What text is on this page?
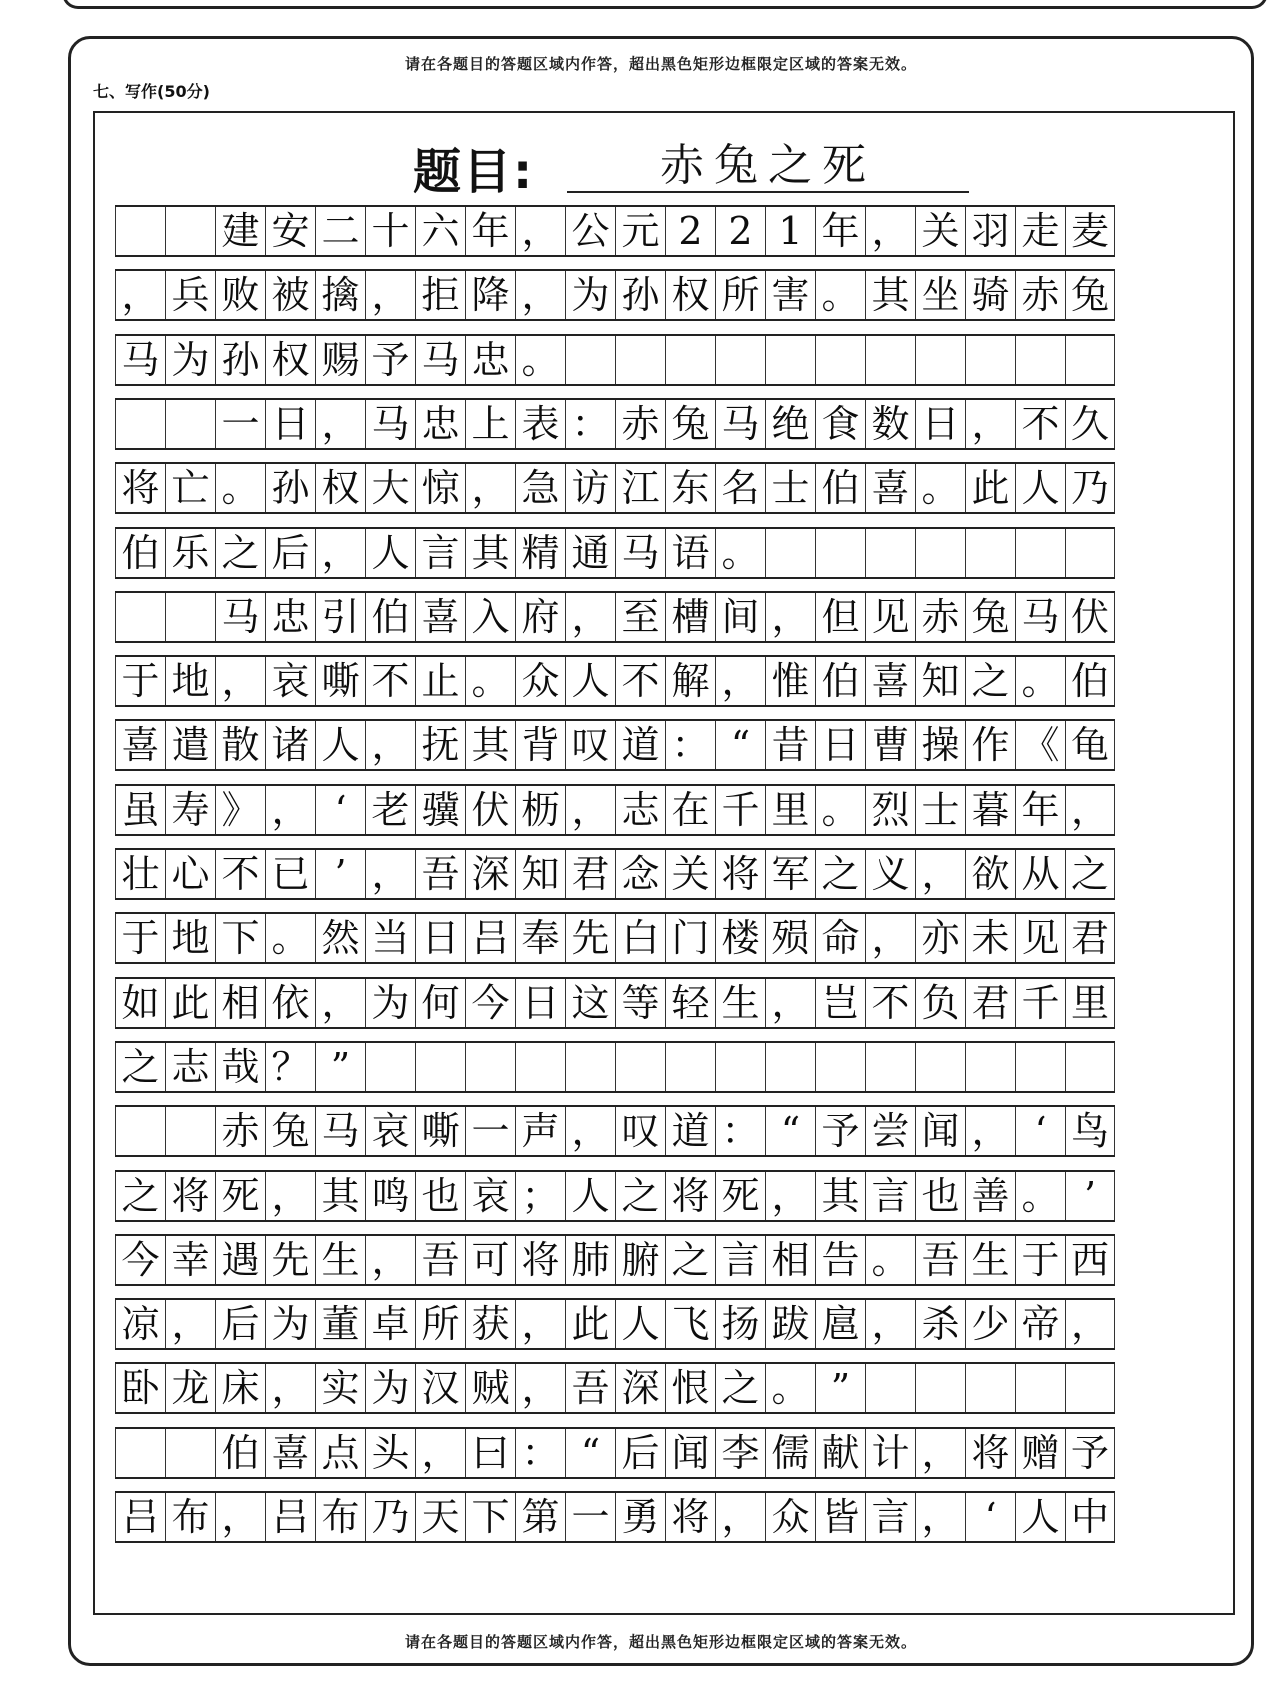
请在各题目的答题区域内作答，超出黑色矩形边框限定区域的答案无效。
七、写作(50分)
题目:	赤兔之死
建 安 二 十 六 年 ， 公 元 2 2 1 年 ， 关 羽 走 麦
， 兵 败 被 擒 ， 拒 降 ， 为 孙 权 所 害 。 其 坐 骑 赤 兔
马 为 孙 权 赐 予 马 忠 。
一 日 ， 马 忠 上 表 ： 赤 兔 马 绝 食 数 日 ， 不 久
将 亡 。 孙 权 大 惊 ， 急 访 江 东 名 士 伯 喜 。 此 人 乃
伯 乐 之 后 ， 人 言 其 精 通 马 语 。
马 忠 引 伯 喜 入 府 ， 至 槽 间 ， 但 见 赤 兔 马 伏
于 地 ， 哀 嘶 不 止 。 众 人 不 解 ， 惟 伯 喜 知 之 。 伯
喜 遣 散 诸 人 ， 抚 其 背 叹 道 ： “ 昔 日 曹 操 作 《 龟
虽 寿 》 ， ‘ 老 骥 伏 枥 ， 志 在 千 里 。 烈 士 暮 年 ，
壮 心 不 已 ’ ， 吾 深 知 君 念 关 将 军 之 义 ， 欲 从 之
于 地 下 。 然 当 日 吕 奉 先 白 门 楼 殒 命 ， 亦 未 见 君
如 此 相 依 ， 为 何 今 日 这 等 轻 生 ， 岂 不 负 君 千 里
之 志 哉 ？ ”
赤 兔 马 哀 嘶 一 声 ， 叹 道 ： “ 予 尝 闻 ， ‘ 鸟
之 将 死 ， 其 鸣 也 哀 ； 人 之 将 死 ， 其 言 也 善 。 ’
今 幸 遇 先 生 ， 吾 可 将 肺 腑 之 言 相 告 。 吾 生 于 西
凉 ， 后 为 董 卓 所 获 ， 此 人 飞 扬 跋 扈 ， 杀 少 帝 ，
卧 龙 床 ， 实 为 汉 贼 ， 吾 深 恨 之 。 ”
伯 喜 点 头 ， 曰 ： “ 后 闻 李 儒 献 计 ， 将 赠 予
吕 布 ， 吕 布 乃 天 下 第 一 勇 将 ， 众 皆 言 ， ‘ 人 中
请在各题目的答题区域内作答，超出黑色矩形边框限定区域的答案无效。
